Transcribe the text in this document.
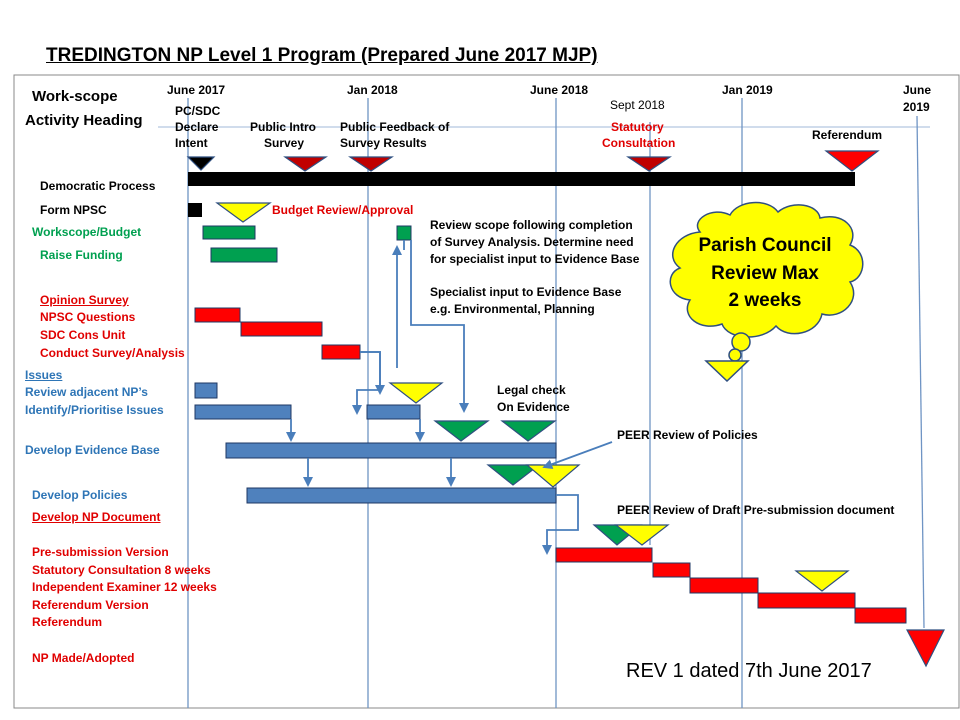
TREDINGTON NP Level 1 Program (Prepared June 2017 MJP)
Work-scope
Activity Heading
June 2017	Jan 2018	June 2018
Sept 2018
Jan 2019	June
2019
PC/SDC
Declare
Intent
Public Intro
Survey
Public Feedback of
Survey Results
Statutory
Consultation
Referendum
Democratic Process
Form NPSC
Workscope/Budget
Raise Funding
Opinion Survey
NPSC Questions
SDC Cons Unit
Conduct Survey/Analysis
Issues
Review adjacent NP’s
Identify/Prioritise Issues
Develop Evidence Base
Develop Policies
Develop NP Document
Pre-submission Version
Statutory Consultation 8 weeks
Independent Examiner 12 weeks
Referendum Version
Referendum
NP Made/Adopted
Budget Review/Approval
Review scope following completion
of Survey Analysis. Determine need
for specialist input to Evidence Base
Specialist input to Evidence Base
e.g. Environmental, Planning
Legal check
On Evidence
PEER Review of Policies
PEER Review of Draft Pre-submission document
Parish Council
Review Max
2 weeks
REV 1 dated 7th June 2017
